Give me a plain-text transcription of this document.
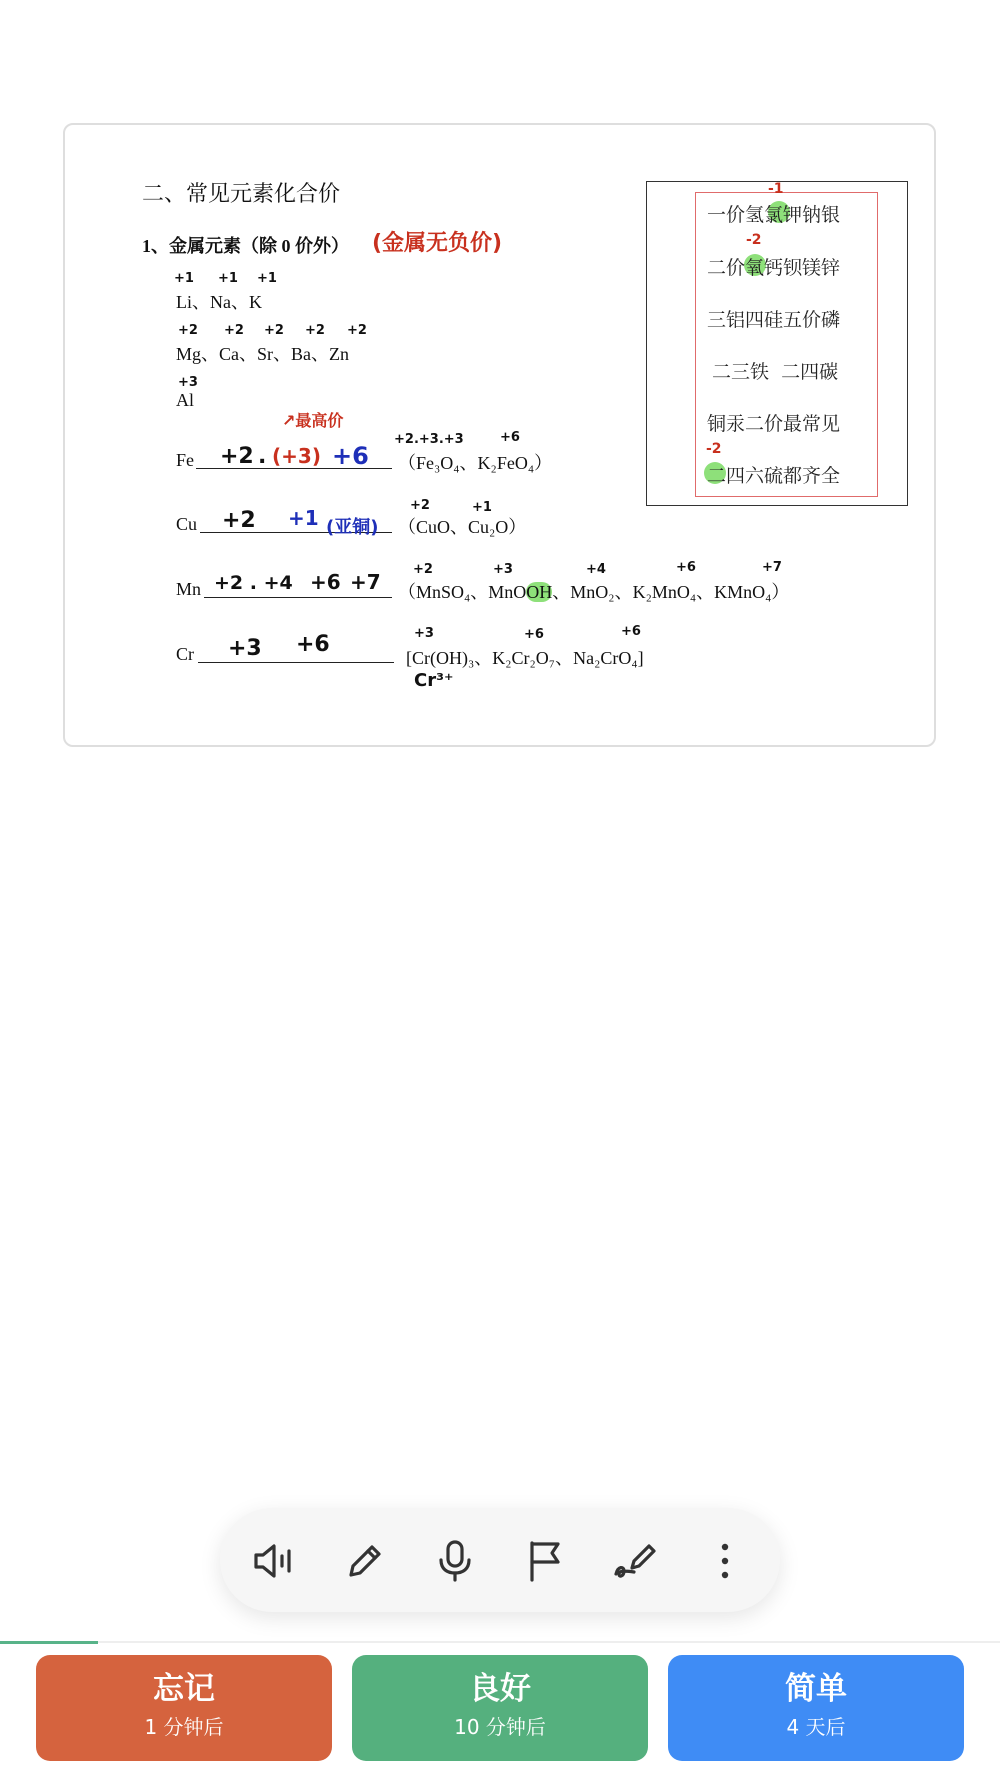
二、常见元素化合价
1、金属元素（除 0 价外） (金属无负价)
+1 +1 +1
Li、Na、K
+2 +2 +2 +2 +2
Mg、Ca、Sr、Ba、Zn
+3
Al
↗最高价
Fe +2 . (+3) +6
+2.+3.+3	+6
（Fe₃O₄、K₂FeO₄）
Cu +2 +1 (亚铜)
+2	+1
（CuO、Cu₂O）
Mn +2 . +4 +6 +7
+2	+3	+4	+6	+7
（MnSO₄、MnOOH、MnO₂、K₂MnO₄、KMnO₄）
Cr +3 +6	+3	+6	+6
[Cr(OH)₃、K₂Cr₂O₇、Na₂CrO₄]
Cr³⁺
-1
-2
-2
一价氢氯钾钠银
二价氧钙钡镁锌
三铝四硅五价磷
二三铁  二四碳
铜汞二价最常见
二四六硫都齐全
忘记
1 分钟后
良好
10 分钟后
简单
4 天后
